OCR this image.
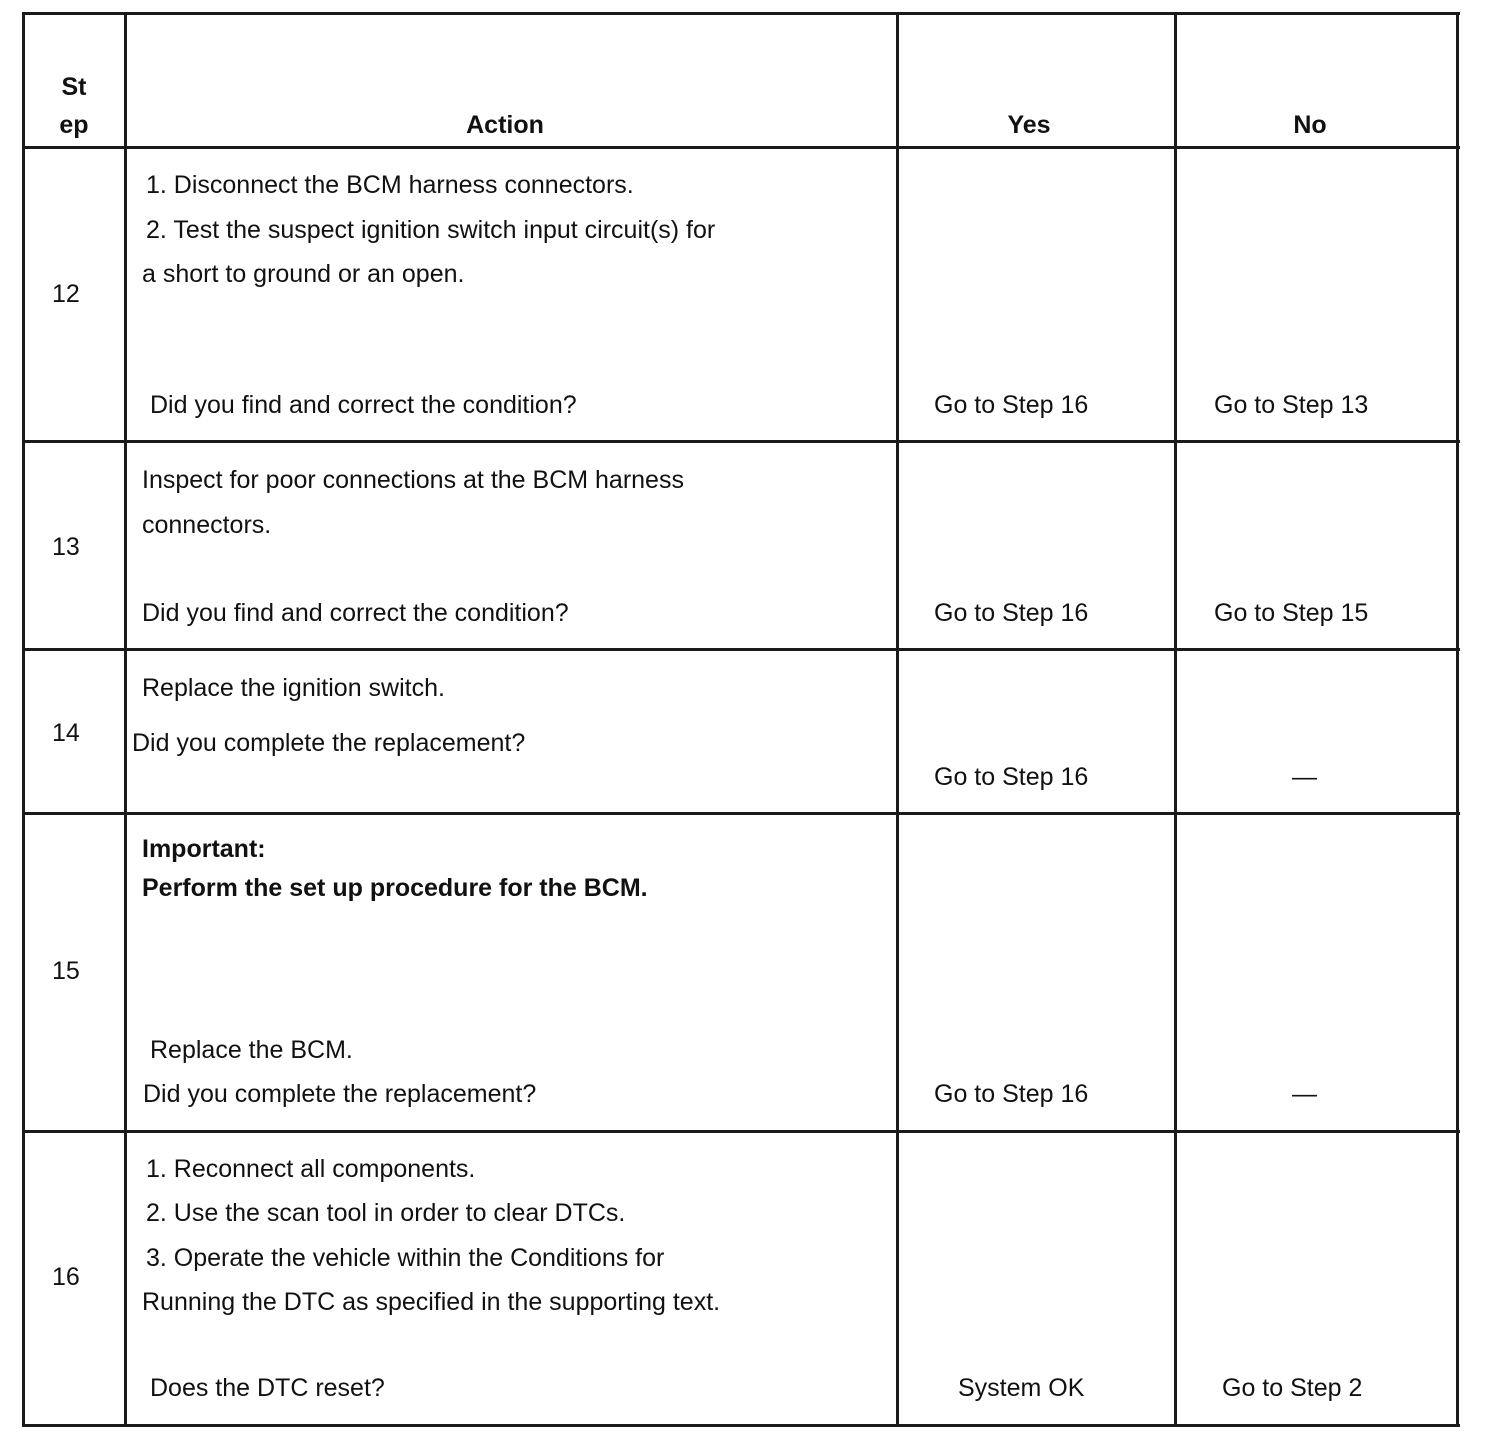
St
ep	Action	Yes	No
12
1. Disconnect the BCM harness connectors.
2. Test the suspect ignition switch input circuit(s) for
a short to ground or an open.
Did you find and correct the condition?	Go to Step 16	Go to Step 13
13
Inspect for poor connections at the BCM harness
connectors.
Did you find and correct the condition?	Go to Step 16	Go to Step 15
14
Replace the ignition switch.
Did you complete the replacement?
Go to Step 16	—
15
Important:
Perform the set up procedure for the BCM.
Replace the BCM.
Did you complete the replacement?	Go to Step 16	—
16
1. Reconnect all components.
2. Use the scan tool in order to clear DTCs.
3. Operate the vehicle within the Conditions for
Running the DTC as specified in the supporting text.
Does the DTC reset?	System OK	Go to Step 2
